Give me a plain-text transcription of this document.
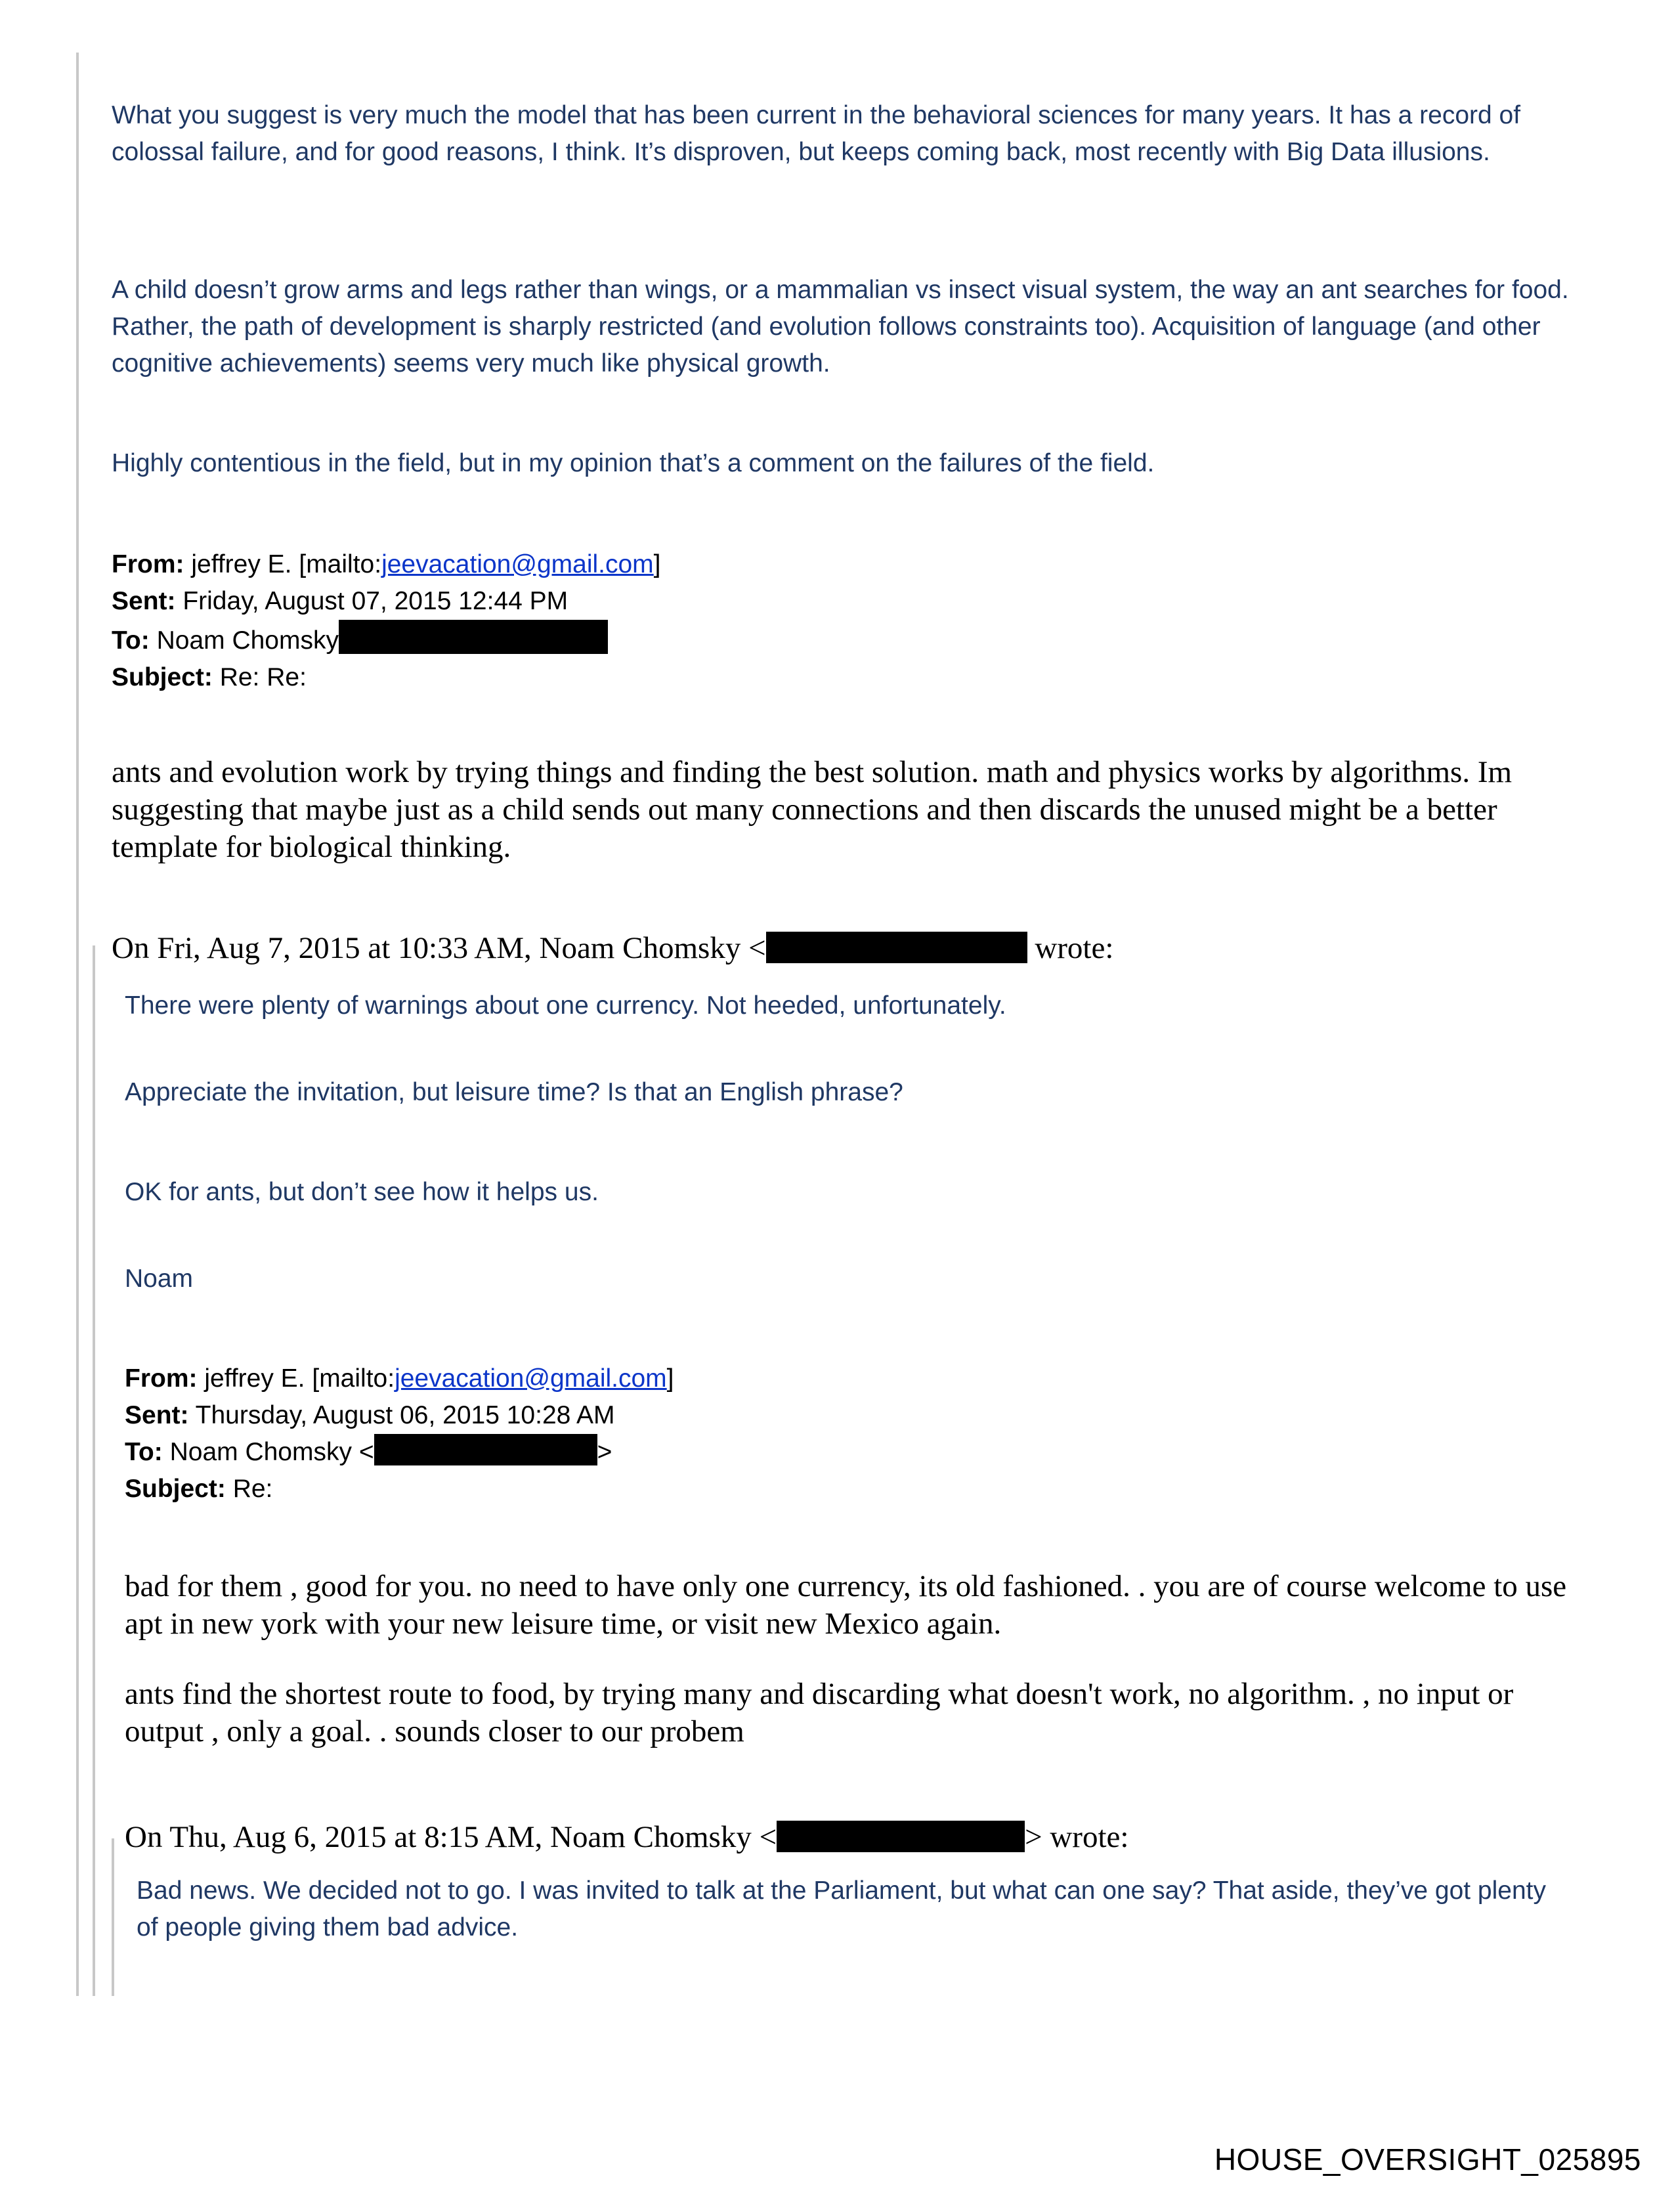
What you suggest is very much the model that has been current in the behavioral sciences for many years. It has a record of colossal failure, and for good reasons, I think. It’s disproven, but keeps coming back, most recently with Big Data illusions.

A child doesn’t grow arms and legs rather than wings, or a mammalian vs insect visual system, the way an ant searches for food. Rather, the path of development is sharply restricted (and evolution follows constraints too). Acquisition of language (and other cognitive achievements) seems very much like physical growth.

Highly contentious in the field, but in my opinion that’s a comment on the failures of the field.

From: jeffrey E. [mailto:jeevacation@gmail.com]
Sent: Friday, August 07, 2015 12:44 PM
To: Noam Chomsky
Subject: Re: Re:

ants and evolution work by trying things and finding the best solution. math and physics works by algorithms. Im suggesting that maybe just as a child sends out many connections and then discards the unused might be a better template for biological thinking.

On Fri, Aug 7, 2015 at 10:33 AM, Noam Chomsky <	wrote:

There were plenty of warnings about one currency. Not heeded, unfortunately.

Appreciate the invitation, but leisure time? Is that an English phrase?

OK for ants, but don’t see how it helps us.

Noam

From: jeffrey E. [mailto:jeevacation@gmail.com]
Sent: Thursday, August 06, 2015 10:28 AM
To: Noam Chomsky <	>
Subject: Re:

bad for them , good for you. no need to have only one currency, its old fashioned. . you are of course welcome to use apt in new york with your new leisure time, or visit new Mexico again.

ants find the shortest route to food, by trying many and discarding what doesn't work, no algorithm. , no input or output , only a goal. . sounds closer to our probem

On Thu, Aug 6, 2015 at 8:15 AM, Noam Chomsky <	> wrote:

Bad news. We decided not to go. I was invited to talk at the Parliament, but what can one say? That aside, they’ve got plenty of people giving them bad advice.

HOUSE_OVERSIGHT_025895
